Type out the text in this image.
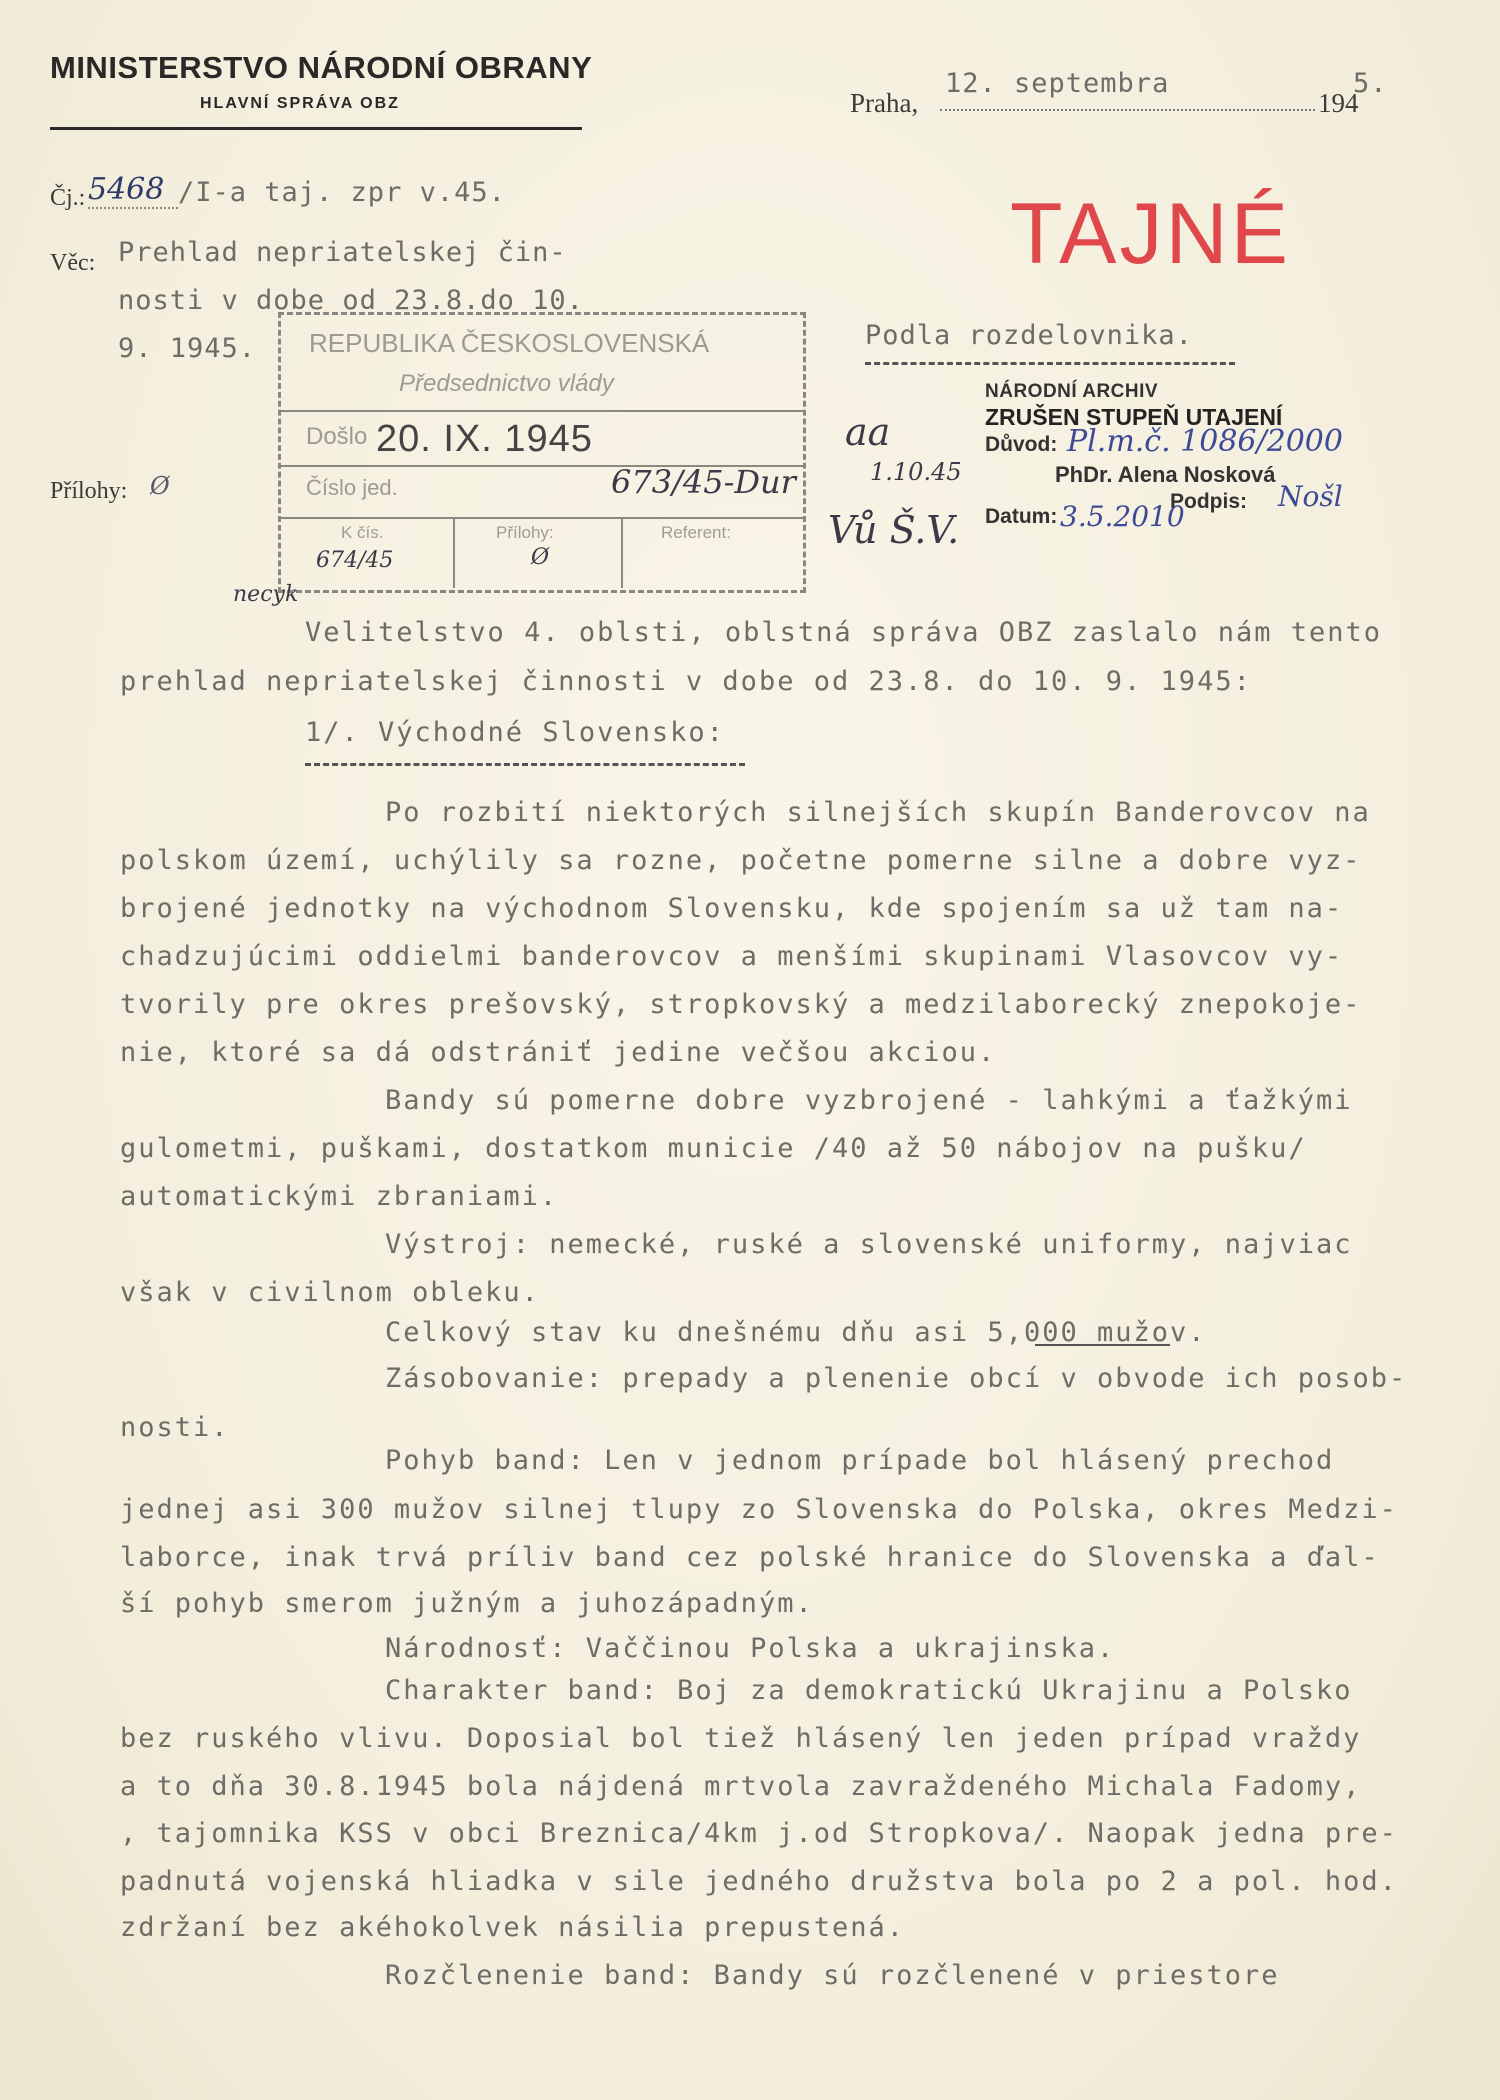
MINISTERSTVO NÁRODNÍ OBRANY
HLAVNÍ SPRÁVA OBZ	Praha,
12. septembra
194
5.
Čj.: 5468 /I-a taj. zpr v.45.
Věc: Prehlad nepriatelskej čin-
nosti v dobe od 23.8.do 10.
9. 1945.
Přílohy: Ø
TAJNÉ
Podla rozdelovnika.
REPUBLIKA ČESKOSLOVENSKÁ
Předsednictvo vlády
Došlo 20. IX. 1945
Číslo jed.	673/45-Dur
K čís.	Přílohy:	Referent:
674/45	Ø
NÁRODNÍ ARCHIV
ZRUŠEN STUPEŇ UTAJENÍ
Důvod: Pl.m.č. 1086/2000
PhDr. Alena Nosková
Podpis: Nošl
Datum: 3.5.2010
aa
1.10.45
Vů Š.V.
necyk
Velitelstvo 4. oblsti, oblstná správa OBZ zaslalo nám tento
prehlad nepriatelskej činnosti v dobe od 23.8. do 10. 9. 1945:
1/. Východné Slovensko:
Po rozbití niektorých silnejších skupín Banderovcov na
polskom území, uchýlily sa rozne, početne pomerne silne a dobre vyz-
brojené jednotky na východnom Slovensku, kde spojením sa už tam na-
chadzujúcimi oddielmi banderovcov a menšími skupinami Vlasovcov vy-
tvorily pre okres prešovský, stropkovský a medzilaborecký znepokoje-
nie, ktoré sa dá odstrániť jedine večšou akciou.
Bandy sú pomerne dobre vyzbrojené - lahkými a ťažkými
gulometmi, puškami, dostatkom municie /40 až 50 nábojov na pušku/
automatickými zbraniami.
Výstroj: nemecké, ruské a slovenské uniformy, najviac
však v civilnom obleku.
Celkový stav ku dnešnému dňu asi 5,000 mužov.
Zásobovanie: prepady a plenenie obcí v obvode ich posob-
nosti.
Pohyb band: Len v jednom prípade bol hlásený prechod
jednej asi 300 mužov silnej tlupy zo Slovenska do Polska, okres Medzi-
laborce, inak trvá príliv band cez polské hranice do Slovenska a ďal-
ší pohyb smerom južným a juhozápadným.
Národnosť: Vaččinou Polska a ukrajinska.
Charakter band: Boj za demokratickú Ukrajinu a Polsko
bez ruského vlivu. Doposial bol tiež hlásený len jeden prípad vraždy
a to dňa 30.8.1945 bola nájdená mrtvola zavraždeného Michala Fadomy,
, tajomnika KSS v obci Breznica/4km j.od Stropkova/. Naopak jedna pre-
padnutá vojenská hliadka v sile jedného družstva bola po 2 a pol. hod.
zdržaní bez akéhokolvek násilia prepustená.
Rozčlenenie band: Bandy sú rozčlenené v priestore
